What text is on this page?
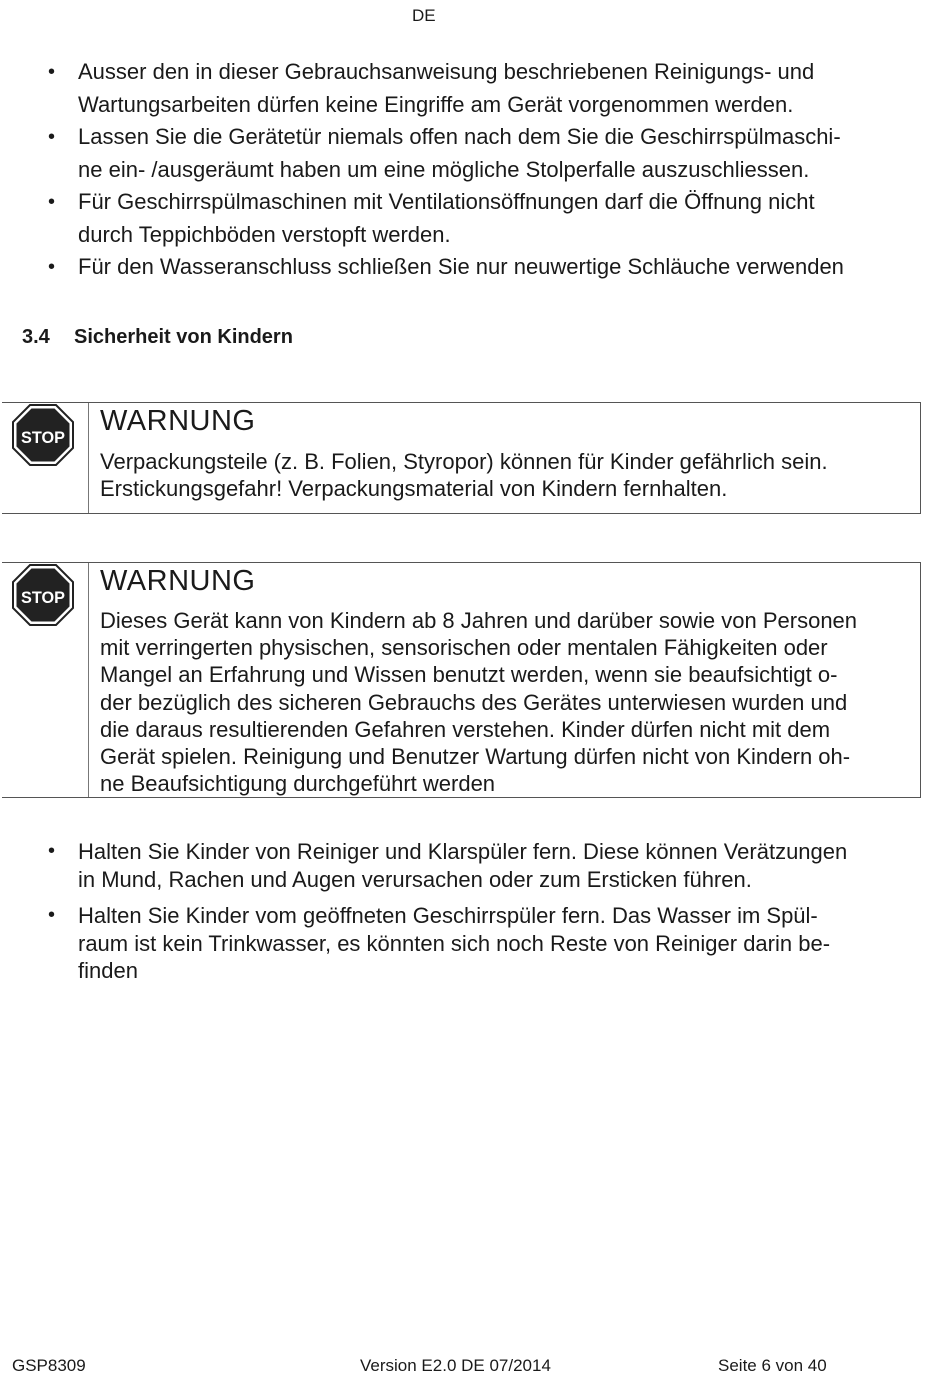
DE
• Ausser den in dieser Gebrauchsanweisung beschriebenen Reinigungs- und
Wartungsarbeiten dürfen keine Eingriffe am Gerät vorgenommen werden.
• Lassen Sie die Gerätetür niemals offen nach dem Sie die Geschirrspülmaschi-
ne ein- /ausgeräumt haben um eine mögliche Stolperfalle auszuschliessen.
• Für Geschirrspülmaschinen mit Ventilationsöffnungen darf die Öffnung nicht
durch Teppichböden verstopft werden.
• Für den Wasseranschluss schließen Sie nur neuwertige Schläuche verwenden
3.4 Sicherheit von Kindern
STOP
WARNUNG
Verpackungsteile (z. B. Folien, Styropor) können für Kinder gefährlich sein.
Erstickungsgefahr! Verpackungsmaterial von Kindern fernhalten.
STOP
WARNUNG
Dieses Gerät kann von Kindern ab 8 Jahren und darüber sowie von Personen
mit verringerten physischen, sensorischen oder mentalen Fähigkeiten oder
Mangel an Erfahrung und Wissen benutzt werden, wenn sie beaufsichtigt o-
der bezüglich des sicheren Gebrauchs des Gerätes unterwiesen wurden und
die daraus resultierenden Gefahren verstehen. Kinder dürfen nicht mit dem
Gerät spielen. Reinigung und Benutzer Wartung dürfen nicht von Kindern oh-
ne Beaufsichtigung durchgeführt werden
• Halten Sie Kinder von Reiniger und Klarspüler fern. Diese können Verätzungen
in Mund, Rachen und Augen verursachen oder zum Ersticken führen.
• Halten Sie Kinder vom geöffneten Geschirrspüler fern. Das Wasser im Spül-
raum ist kein Trinkwasser, es könnten sich noch Reste von Reiniger darin be-
finden
GSP8309	Version E2.0 DE 07/2014	Seite 6 von 40
